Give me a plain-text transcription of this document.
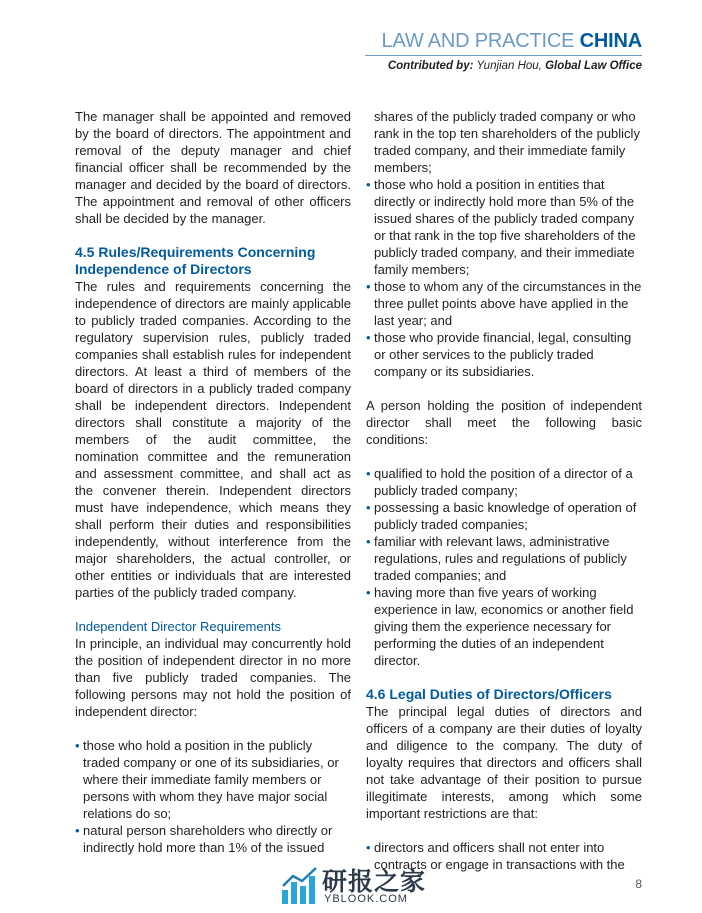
LAW AND PRACTICE CHINA
Contributed by: Yunjian Hou, Global Law Office

The manager shall be appointed and removed by the board of directors. The appointment and removal of the deputy manager and chief financial officer shall be recommended by the manager and decided by the board of directors. The appointment and removal of other officers shall be decided by the manager.

4.5 Rules/Requirements Concerning Independence of Directors

The rules and requirements concerning the independence of directors are mainly applicable to publicly traded companies. According to the regulatory supervision rules, publicly traded companies shall establish rules for independent directors. At least a third of members of the board of directors in a publicly traded company shall be independent directors. Independent directors shall constitute a majority of the members of the audit committee, the nomination committee and the remuneration and assessment committee, and shall act as the convener therein. Independent directors must have independence, which means they shall perform their duties and responsibilities independently, without interference from the major shareholders, the actual controller, or other entities or individuals that are interested parties of the publicly traded company.

Independent Director Requirements

In principle, an individual may concurrently hold the position of independent director in no more than five publicly traded companies. The following persons may not hold the position of independent director:

• those who hold a position in the publicly traded company or one of its subsidiaries, or where their immediate family members or persons with whom they have major social relations do so;
• natural person shareholders who directly or indirectly hold more than 1% of the issued
shares of the publicly traded company or who rank in the top ten shareholders of the publicly traded company, and their immediate family members;
• those who hold a position in entities that directly or indirectly hold more than 5% of the issued shares of the publicly traded company or that rank in the top five shareholders of the publicly traded company, and their immediate family members;
• those to whom any of the circumstances in the three pullet points above have applied in the last year; and
• those who provide financial, legal, consulting or other services to the publicly traded company or its subsidiaries.

A person holding the position of independent director shall meet the following basic conditions:

• qualified to hold the position of a director of a publicly traded company;
• possessing a basic knowledge of operation of publicly traded companies;
• familiar with relevant laws, administrative regulations, rules and regulations of publicly traded companies; and
• having more than five years of working experience in law, economics or another field giving them the experience necessary for performing the duties of an independent director.
4.6 Legal Duties of Directors/Officers

The principal legal duties of directors and officers of a company are their duties of loyalty and diligence to the company. The duty of loyalty requires that directors and officers shall not take advantage of their position to pursue illegitimate interests, among which some important restrictions are that:

• directors and officers shall not enter into contracts or engage in transactions with the
研报之家
YBLOOK.COM
8
